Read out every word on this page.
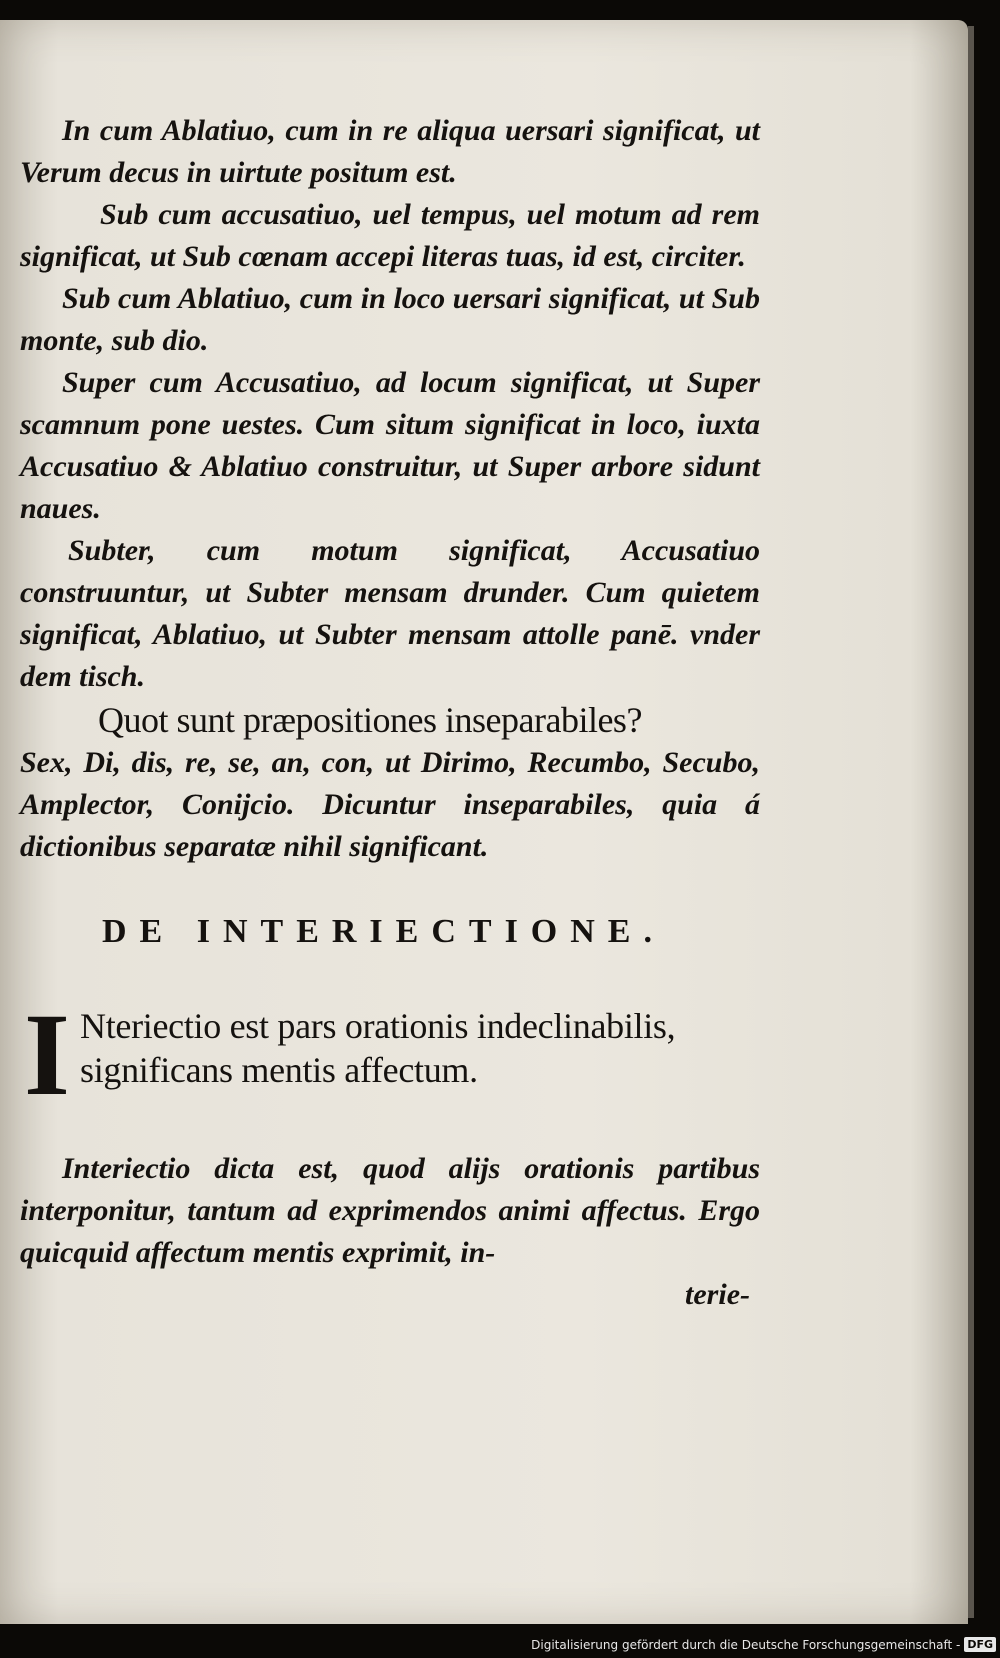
In cum Ablatiuo, cum in re aliqua uersari significat, ut Verum decus in uirtute positum est.

Sub cum accusatiuo, uel tempus, uel motum ad rem significat, ut Sub cœnam accepi literas tuas, id est, circiter.

Sub cum Ablatiuo, cum in loco uersari significat, ut Sub monte, sub dio.

Super cum Accusatiuo, ad locum significat, ut Super scamnum pone uestes. Cum situm significat in loco, iuxta Accusatiuo & Ablatiuo construitur, ut Super arbore sidunt naues.

Subter, cum motum significat, Accusatiuo construuntur, ut Subter mensam drunder. Cum quietem significat, Ablatiuo, ut Subter mensam attolle panē. vnder dem tisch.

Quot sunt præpositiones inseparabiles?

Sex, Di, dis, re, se, an, con, ut Dirimo, Recumbo, Secubo, Amplector, Conijcio. Dicuntur inseparabiles, quia á dictionibus separatæ nihil significant.

DE INTERIECTIONE.
I Nteriectio est pars orationis indeclinabilis, significans mentis affectum.

Interiectio dicta est, quod alijs orationis partibus interponitur, tantum ad exprimendos animi affectus. Ergo quicquid affectum mentis exprimit, in-

terie-

Digitalisierung gefördert durch die Deutsche Forschungsgemeinschaft - DFG
